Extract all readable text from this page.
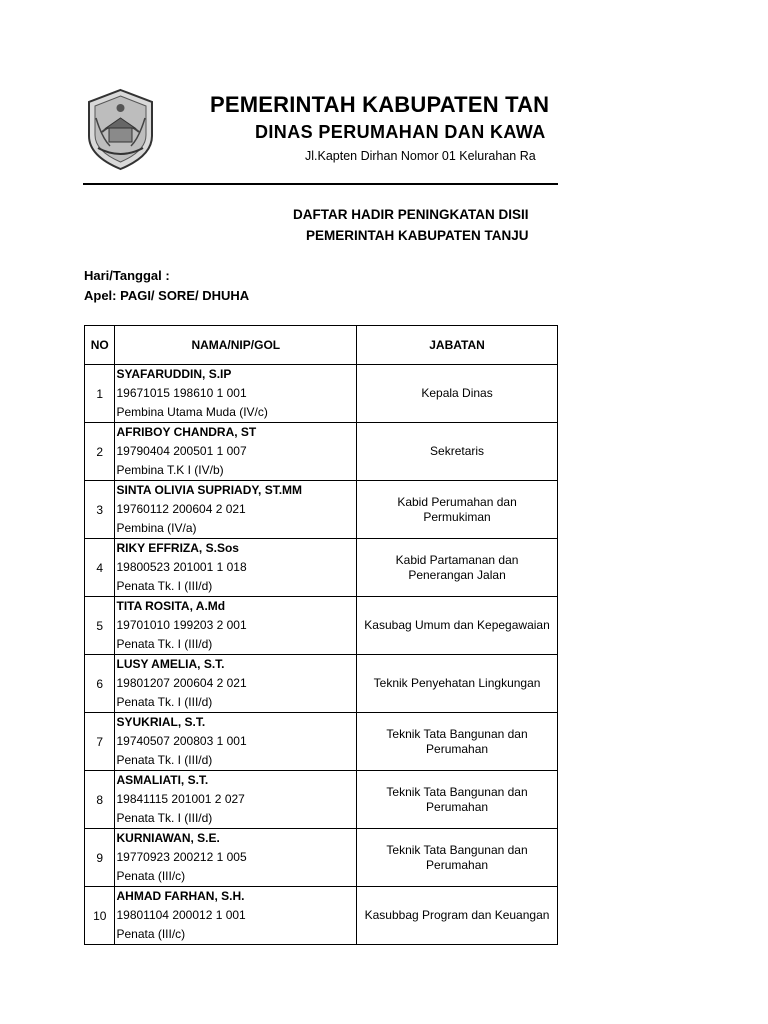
PEMERINTAH KABUPATEN TAN
DINAS PERUMAHAN DAN KAWA
Jl.Kapten Dirhan Nomor 01 Kelurahan Ra
DAFTAR HADIR PENINGKATAN DISII
PEMERINTAH KABUPATEN TANJU
Hari/Tanggal :
Apel: PAGI/ SORE/ DHUHA
NO	NAMA/NIP/GOL	JABATAN
1	SYAFARUDDIN, S.IP
19671015 198610 1 001
Pembina Utama Muda (IV/c)	Kepala Dinas
2	AFRIBOY CHANDRA, ST
19790404 200501 1 007
Pembina T.K I (IV/b)	Sekretaris
3	SINTA OLIVIA SUPRIADY, ST.MM
19760112 200604 2 021
Pembina (IV/a)	Kabid Perumahan dan Permukiman
4	RIKY EFFRIZA, S.Sos
19800523 201001 1 018
Penata Tk. I (III/d)	Kabid Partamanan dan Penerangan Jalan
5	TITA ROSITA, A.Md
19701010 199203 2 001
Penata Tk. I (III/d)	Kasubag Umum dan Kepegawaian
6	LUSY AMELIA, S.T.
19801207 200604 2 021
Penata Tk. I (III/d)	Teknik Penyehatan Lingkungan
7	SYUKRIAL, S.T.
19740507 200803 1 001
Penata Tk. I (III/d)	Teknik Tata Bangunan dan Perumahan
8	ASMALIATI, S.T.
19841115 201001 2 027
Penata Tk. I (III/d)	Teknik Tata Bangunan dan Perumahan
9	KURNIAWAN, S.E.
19770923 200212 1 005
Penata (III/c)	Teknik Tata Bangunan dan Perumahan
10	AHMAD FARHAN, S.H.
19801104 200012 1 001
Penata (III/c)	Kasubbag Program dan Keuangan
